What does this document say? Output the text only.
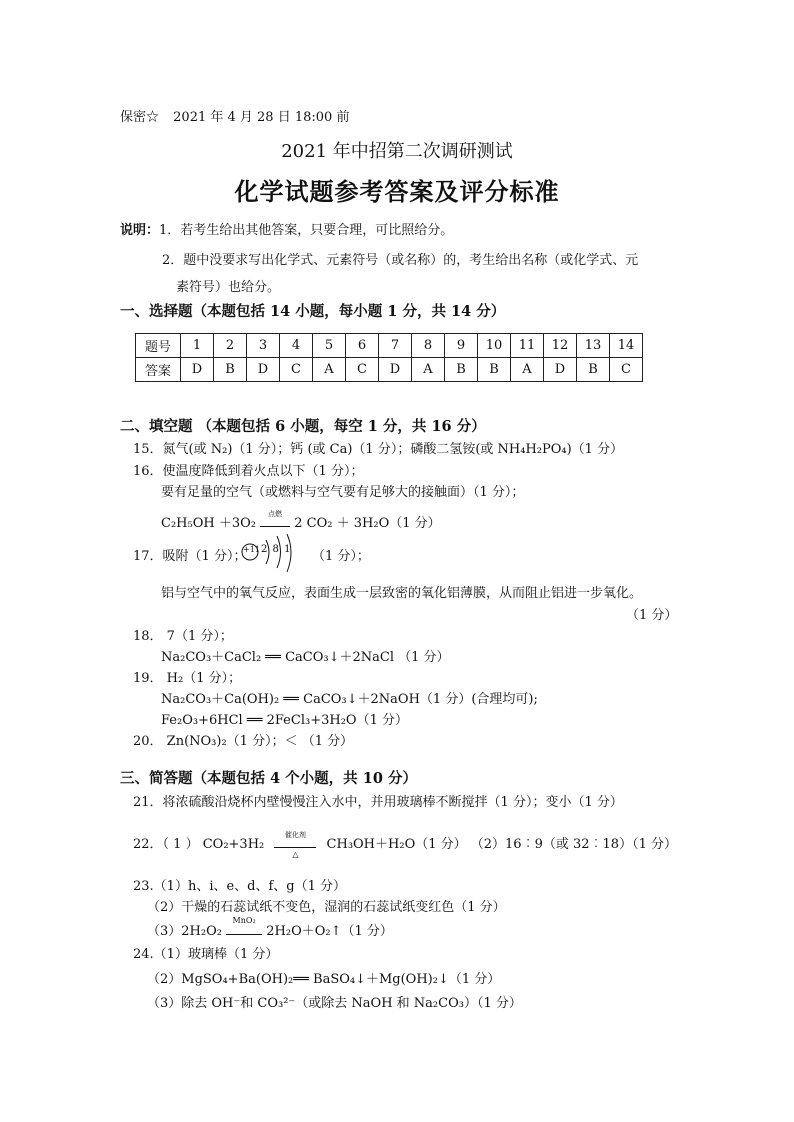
保密☆ 2021 年 4 月 28 日 18:00 前
2021 年中招第二次调研测试
化学试题参考答案及评分标准
说明：1．若考生给出其他答案，只要合理，可比照给分。
2．题中没要求写出化学式、元素符号（或名称）的，考生给出名称（或化学式、元
素符号）也给分。
一、选择题（本题包括 14 小题，每小题 1 分，共 14 分）
题号	1	2	3	4	5	6	7	8	9	10	11	12	13	14
答案	D	B	D	C	A	C	D	A	B	B	A	D	B	C
二、填空题 （本题包括 6 小题，每空 1 分，共 16 分）
15．氮气(或 N₂)（1 分）；钙 (或 Ca)（1 分）；磷酸二氢铵(或 NH₄H₂PO₄)（1 分）
16．使温度降低到着火点以下（1 分）；
要有足量的空气（或燃料与空气要有足够大的接触面）（1 分）；
C₂H₅OH ＋3O₂
点燃
2 CO₂ ＋ 3H₂O（1 分）
17．吸附（1 分）；
+11 2 8 1 （1 分）；
铝与空气中的氧气反应，表面生成一层致密的氧化铝薄膜，从而阻止铝进一步氧化。
（1 分）
18． 7（1 分）；
Na₂CO₃＋CaCl₂ ══ CaCO₃↓＋2NaCl （1 分）
19． H₂（1 分）；
Na₂CO₃＋Ca(OH)₂ ══ CaCO₃↓＋2NaOH（1 分）(合理均可);
Fe₂O₃+6HCl ══ 2FeCl₃+3H₂O（1 分）
20． Zn(NO₃)₂（1 分）；＜ （1 分）
三、简答题（本题包括 4 个小题，共 10 分）
21．将浓硫酸沿烧杯内壁慢慢注入水中，并用玻璃棒不断搅拌（1 分）；变小（1 分）
22．（ 1 ） CO₂+3H₂
催化剂
△
CH₃OH＋H₂O（1 分） （2）16︰9（或 32︰18）（1 分）
23.（1）h、i、e、d、f、g（1 分）
（2）干燥的石蕊试纸不变色，湿润的石蕊试纸变红色（1 分）
（3）2H₂O₂
MnO₂
2H₂O＋O₂↑（1 分）
24.（1）玻璃棒（1 分）
（2）MgSO₄+Ba(OH)₂══ BaSO₄↓＋Mg(OH)₂↓（1 分）
（3）除去 OH⁻和 CO₃²⁻（或除去 NaOH 和 Na₂CO₃）（1 分）
